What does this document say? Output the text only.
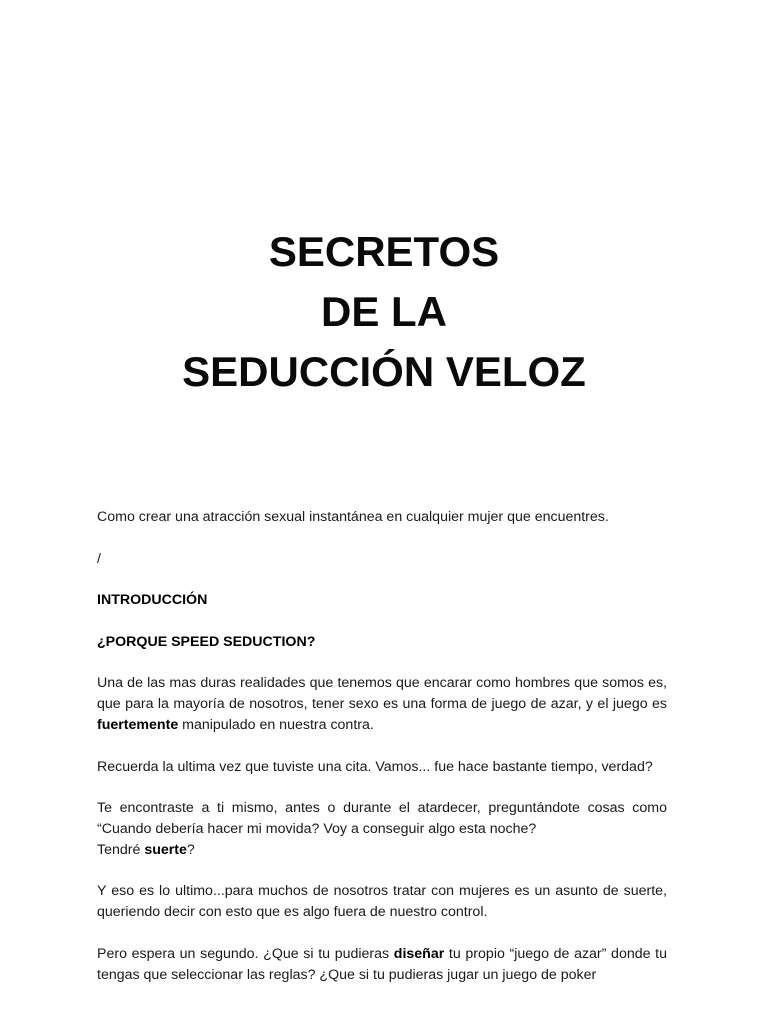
SECRETOS
DE LA
SEDUCCIÓN VELOZ

Como crear una atracción sexual instantánea en cualquier mujer que encuentres.

/

INTRODUCCIÓN

¿PORQUE SPEED SEDUCTION?

Una de las mas duras realidades que tenemos que encarar como hombres que somos es, que para la mayoría de nosotros, tener sexo es una forma de juego de azar, y el juego es fuertemente manipulado en nuestra contra.

Recuerda la ultima vez que tuviste una cita. Vamos... fue hace bastante tiempo, verdad?

Te encontraste a ti mismo, antes o durante el atardecer, preguntándote cosas como “Cuando debería hacer mi movida? Voy a conseguir algo esta noche?
Tendré suerte?

Y eso es lo ultimo...para muchos de nosotros tratar con mujeres es un asunto de suerte, queriendo decir con esto que es algo fuera de nuestro control.

Pero espera un segundo. ¿Que si tu pudieras diseñar tu propio “juego de azar” donde tu tengas que seleccionar las reglas? ¿Que si tu pudieras jugar un juego de poker
